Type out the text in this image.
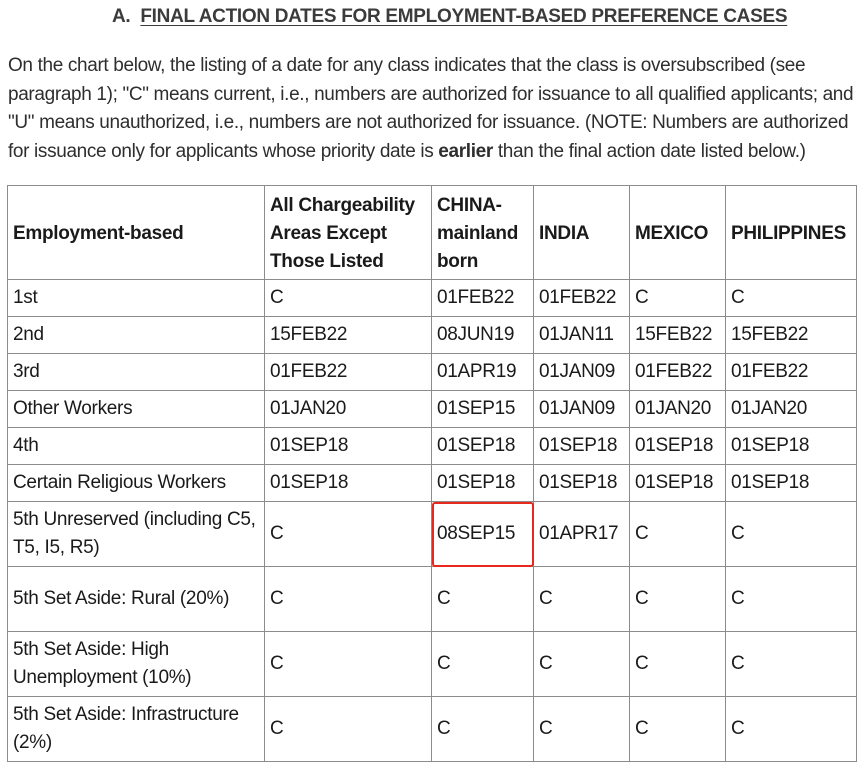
A. FINAL ACTION DATES FOR EMPLOYMENT-BASED PREFERENCE CASES
On the chart below, the listing of a date for any class indicates that the class is oversubscribed (see paragraph 1); "C" means current, i.e., numbers are authorized for issuance to all qualified applicants; and "U" means unauthorized, i.e., numbers are not authorized for issuance. (NOTE: Numbers are authorized for issuance only for applicants whose priority date is earlier than the final action date listed below.)
Employment-based	All Chargeability Areas Except Those Listed	CHINA-mainland born	INDIA	MEXICO	PHILIPPINES
1st	C	01FEB22	01FEB22	C	C
2nd	15FEB22	08JUN19	01JAN11	15FEB22	15FEB22
3rd	01FEB22	01APR19	01JAN09	01FEB22	01FEB22
Other Workers	01JAN20	01SEP15	01JAN09	01JAN20	01JAN20
4th	01SEP18	01SEP18	01SEP18	01SEP18	01SEP18
Certain Religious Workers	01SEP18	01SEP18	01SEP18	01SEP18	01SEP18
5th Unreserved (including C5, T5, I5, R5)	C	08SEP15	01APR17	C	C
5th Set Aside: Rural (20%)	C	C	C	C	C
5th Set Aside: High Unemployment (10%)	C	C	C	C	C
5th Set Aside: Infrastructure (2%)	C	C	C	C	C
